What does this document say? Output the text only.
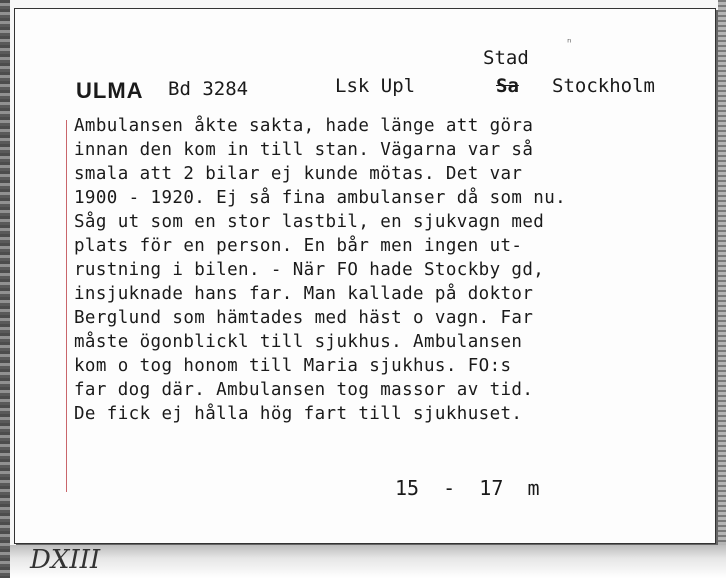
ULMA Bd 3284	Lsk Upl
Stad
Sa Stockholm
ⁿ
Ambulansen åkte sakta, hade länge att göra
innan den kom in till stan. Vägarna var så
smala att 2 bilar ej kunde mötas. Det var
1900 - 1920. Ej så fina ambulanser då som nu.
Såg ut som en stor lastbil, en sjukvagn med
plats för en person. En bår men ingen ut-
rustning i bilen. - När FO hade Stockby gd,
insjuknade hans far. Man kallade på doktor
Berglund som hämtades med häst o vagn. Far
måste ögonblickl till sjukhus. Ambulansen
kom o tog honom till Maria sjukhus. FO:s
far dog där. Ambulansen tog massor av tid.
De fick ej hålla hög fart till sjukhuset.
15  -  17  m
DXIII
